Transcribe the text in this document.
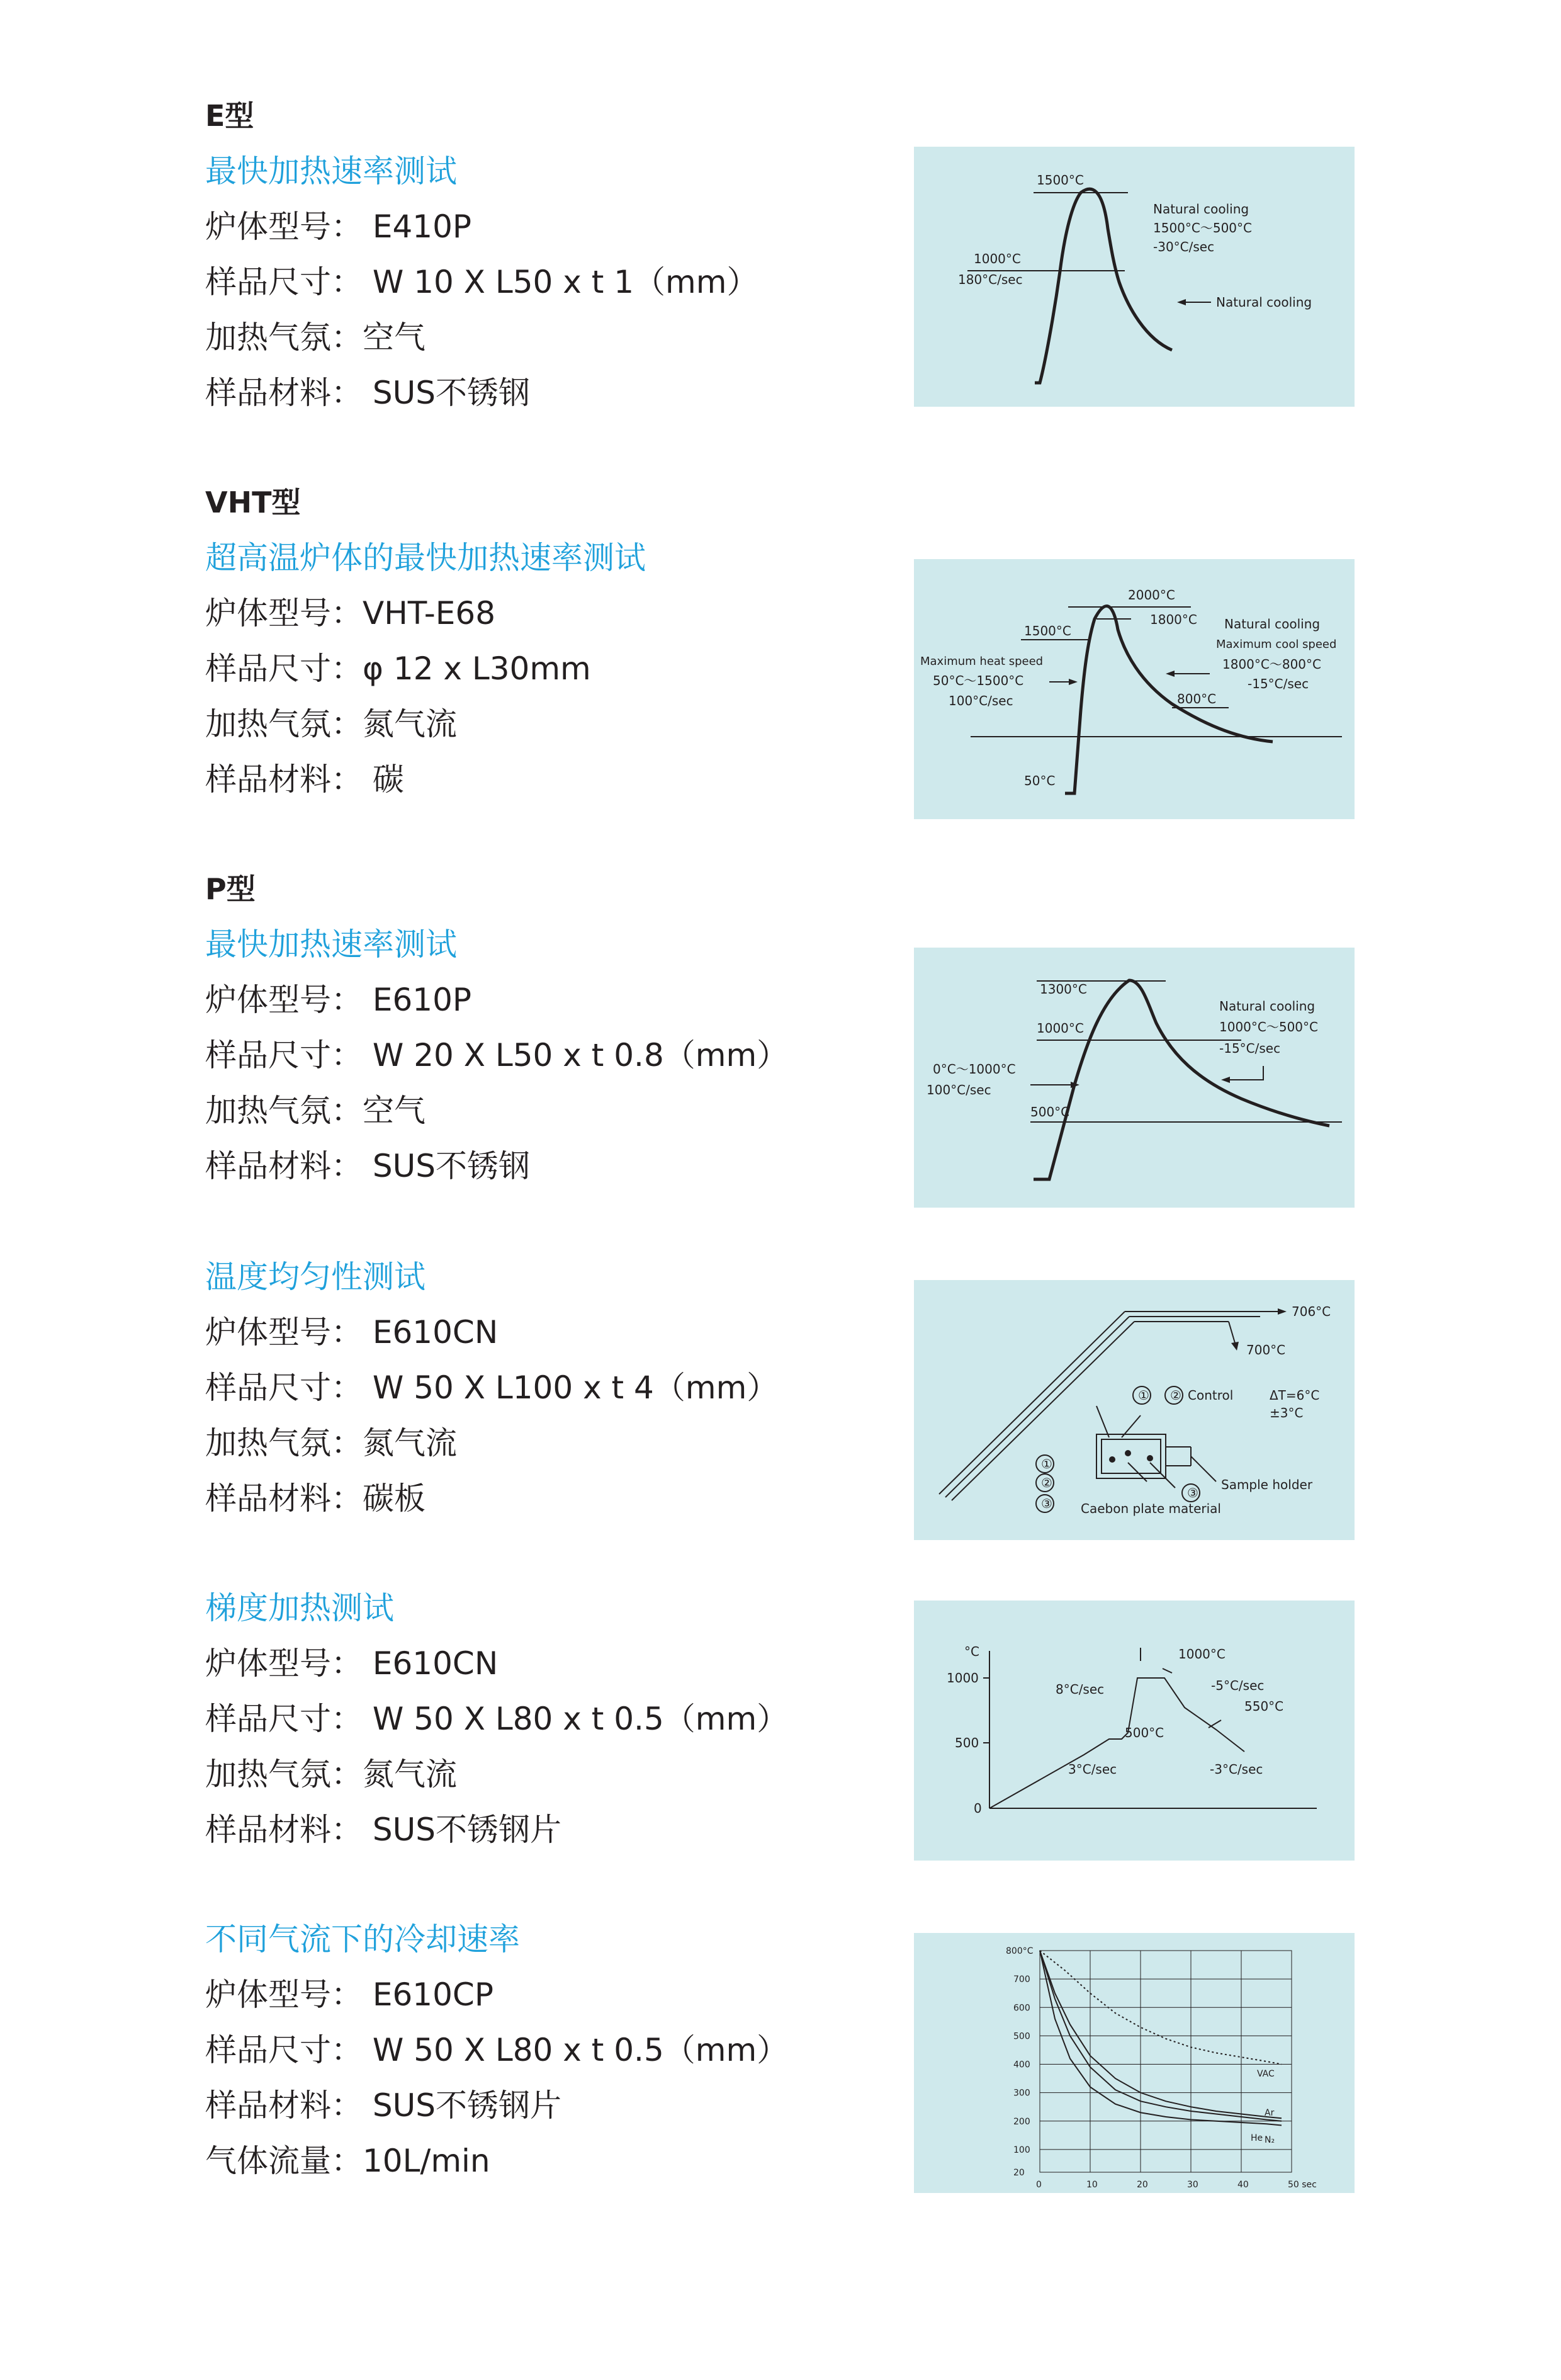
E型

最快加热速率测试

炉体型号： E410P

样品尺寸： W 10 X L50 x t 1（mm）

加热气氛：空气

样品材料： SUS不锈钢

VHT型

超高温炉体的最快加热速率测试

炉体型号：VHT-E68

样品尺寸：φ 12 x L30mm

加热气氛：氮气流

样品材料： 碳

P型

最快加热速率测试

炉体型号： E610P

样品尺寸： W 20 X L50 x t 0.8（mm）

加热气氛：空气

样品材料： SUS不锈钢

温度均匀性测试

炉体型号： E610CN

样品尺寸： W 50 X L100 x t 4（mm）

加热气氛：氮气流

样品材料：碳板

梯度加热测试

炉体型号： E610CN

样品尺寸： W 50 X L80 x t 0.5（mm）

加热气氛：氮气流

样品材料： SUS不锈钢片

不同气流下的冷却速率

炉体型号： E610CP

样品尺寸： W 50 X L80 x t 0.5（mm）

样品材料： SUS不锈钢片

气体流量：10L/min

1500°C
Natural cooling
1500°C～500°C
-30°C/sec
1000°C
180°C/sec
Natural cooling
2000°C
1800°C
1500°C	Natural cooling
Maximum cool speed
1800°C～800°C
-15°C/sec
Maximum heat speed
50°C～1500°C
100°C/sec	800°C
50°C
1300°C
1000°C
0°C～1000°C
100°C/sec
500°C
Natural cooling
1000°C～500°C
-15°C/sec
706°C
700°C
① ② Control	ΔT=6°C
±3°C
①
②
③
③
Sample holder
Caebon plate material
°C
1000
500
0
1000°C
-5°C/sec
550°C
8°C/sec
500°C
3°C/sec	-3°C/sec
0	10	20	30	40	50 sec
800°C
700
600
500
400
300
200
100
20
VAC
Ar
He N₂
